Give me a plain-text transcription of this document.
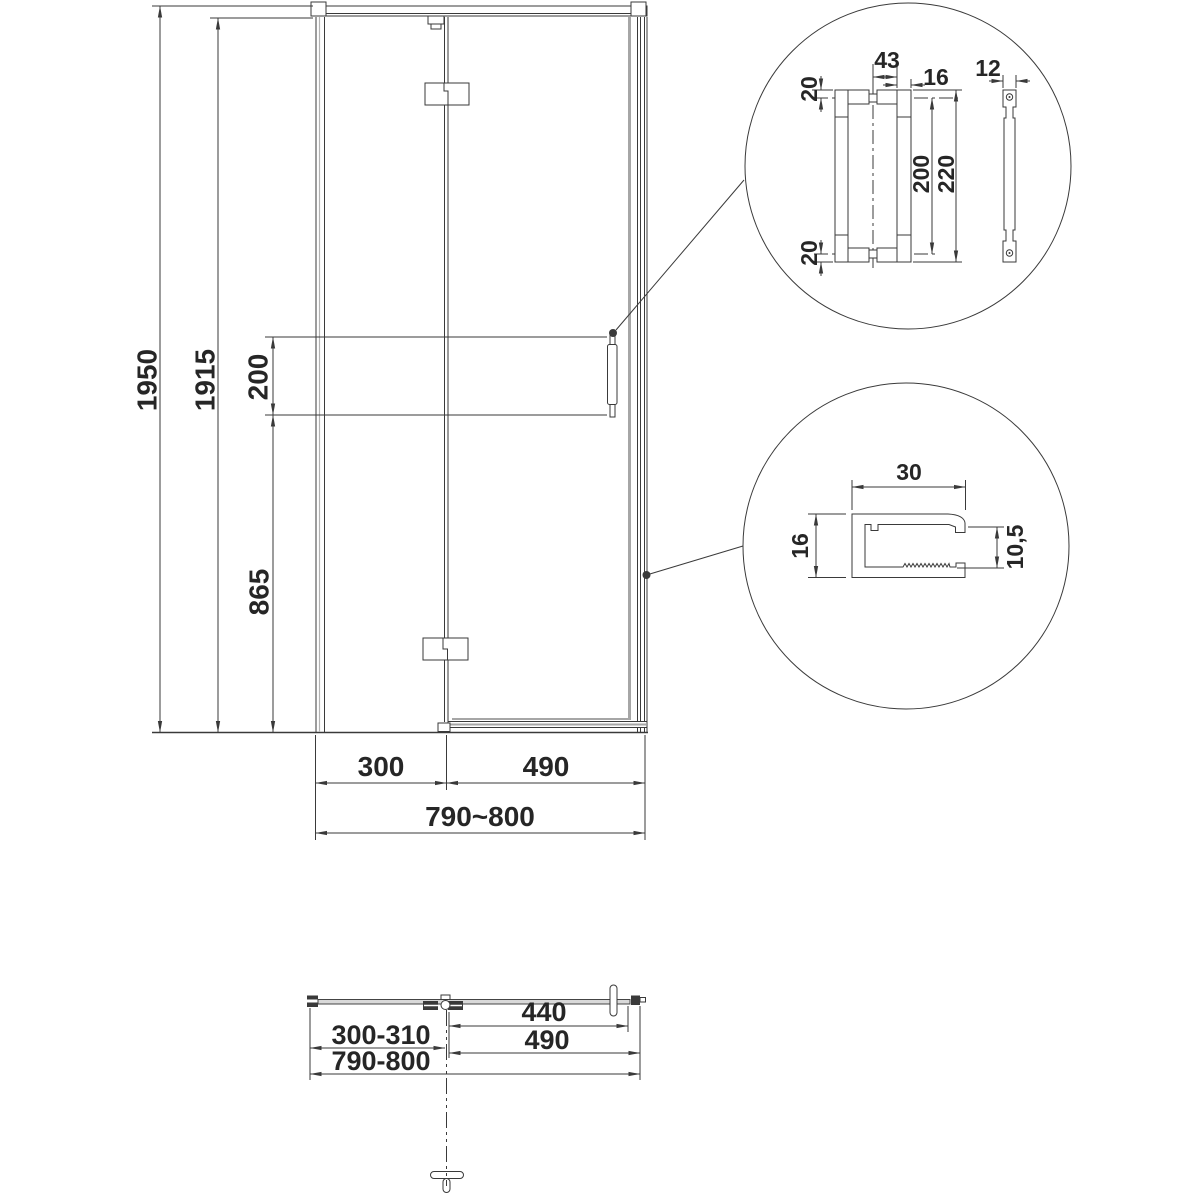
1950 1915 200
865
300	490
790~800
43
16 12
20
20
200 220
30
16	10,5
440
300-310	490
790-800
